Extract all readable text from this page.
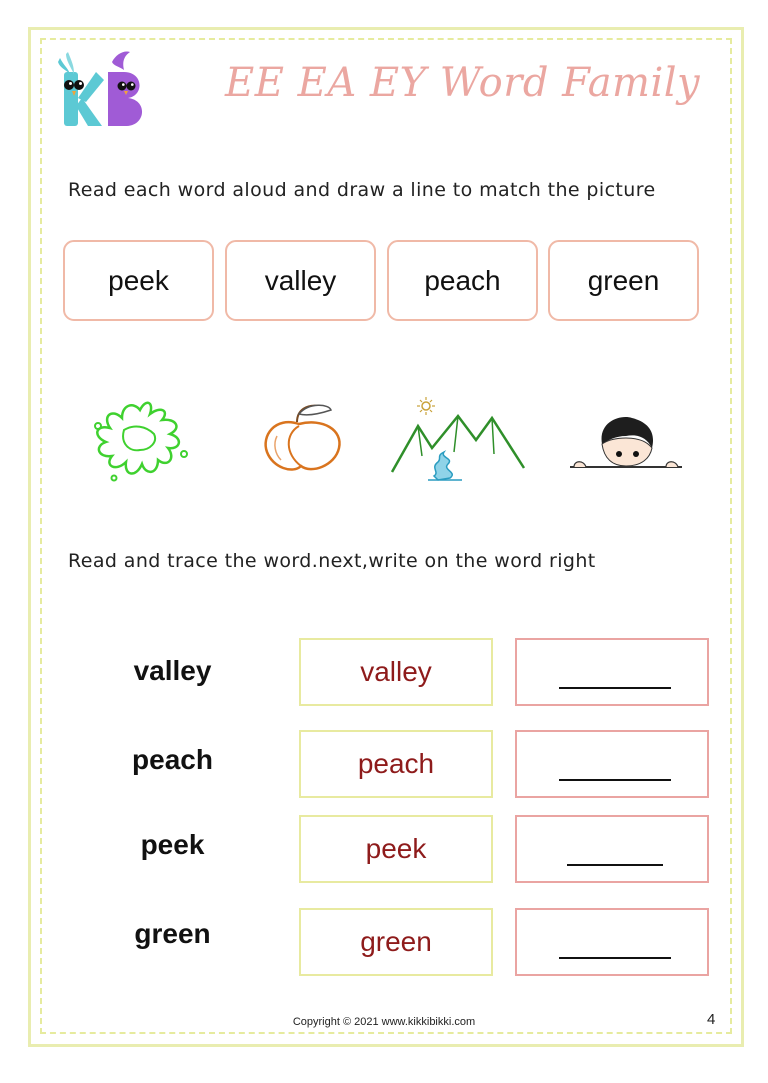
EE EA EY Word Family
Read each word aloud and draw a line to match the picture
peek	valley	peach	green
Read and trace the word.next,write on the word right
valley	valley
peach	peach
peek	peek
green	green
Copyright © 2021 www.kikkibikki.com	4
